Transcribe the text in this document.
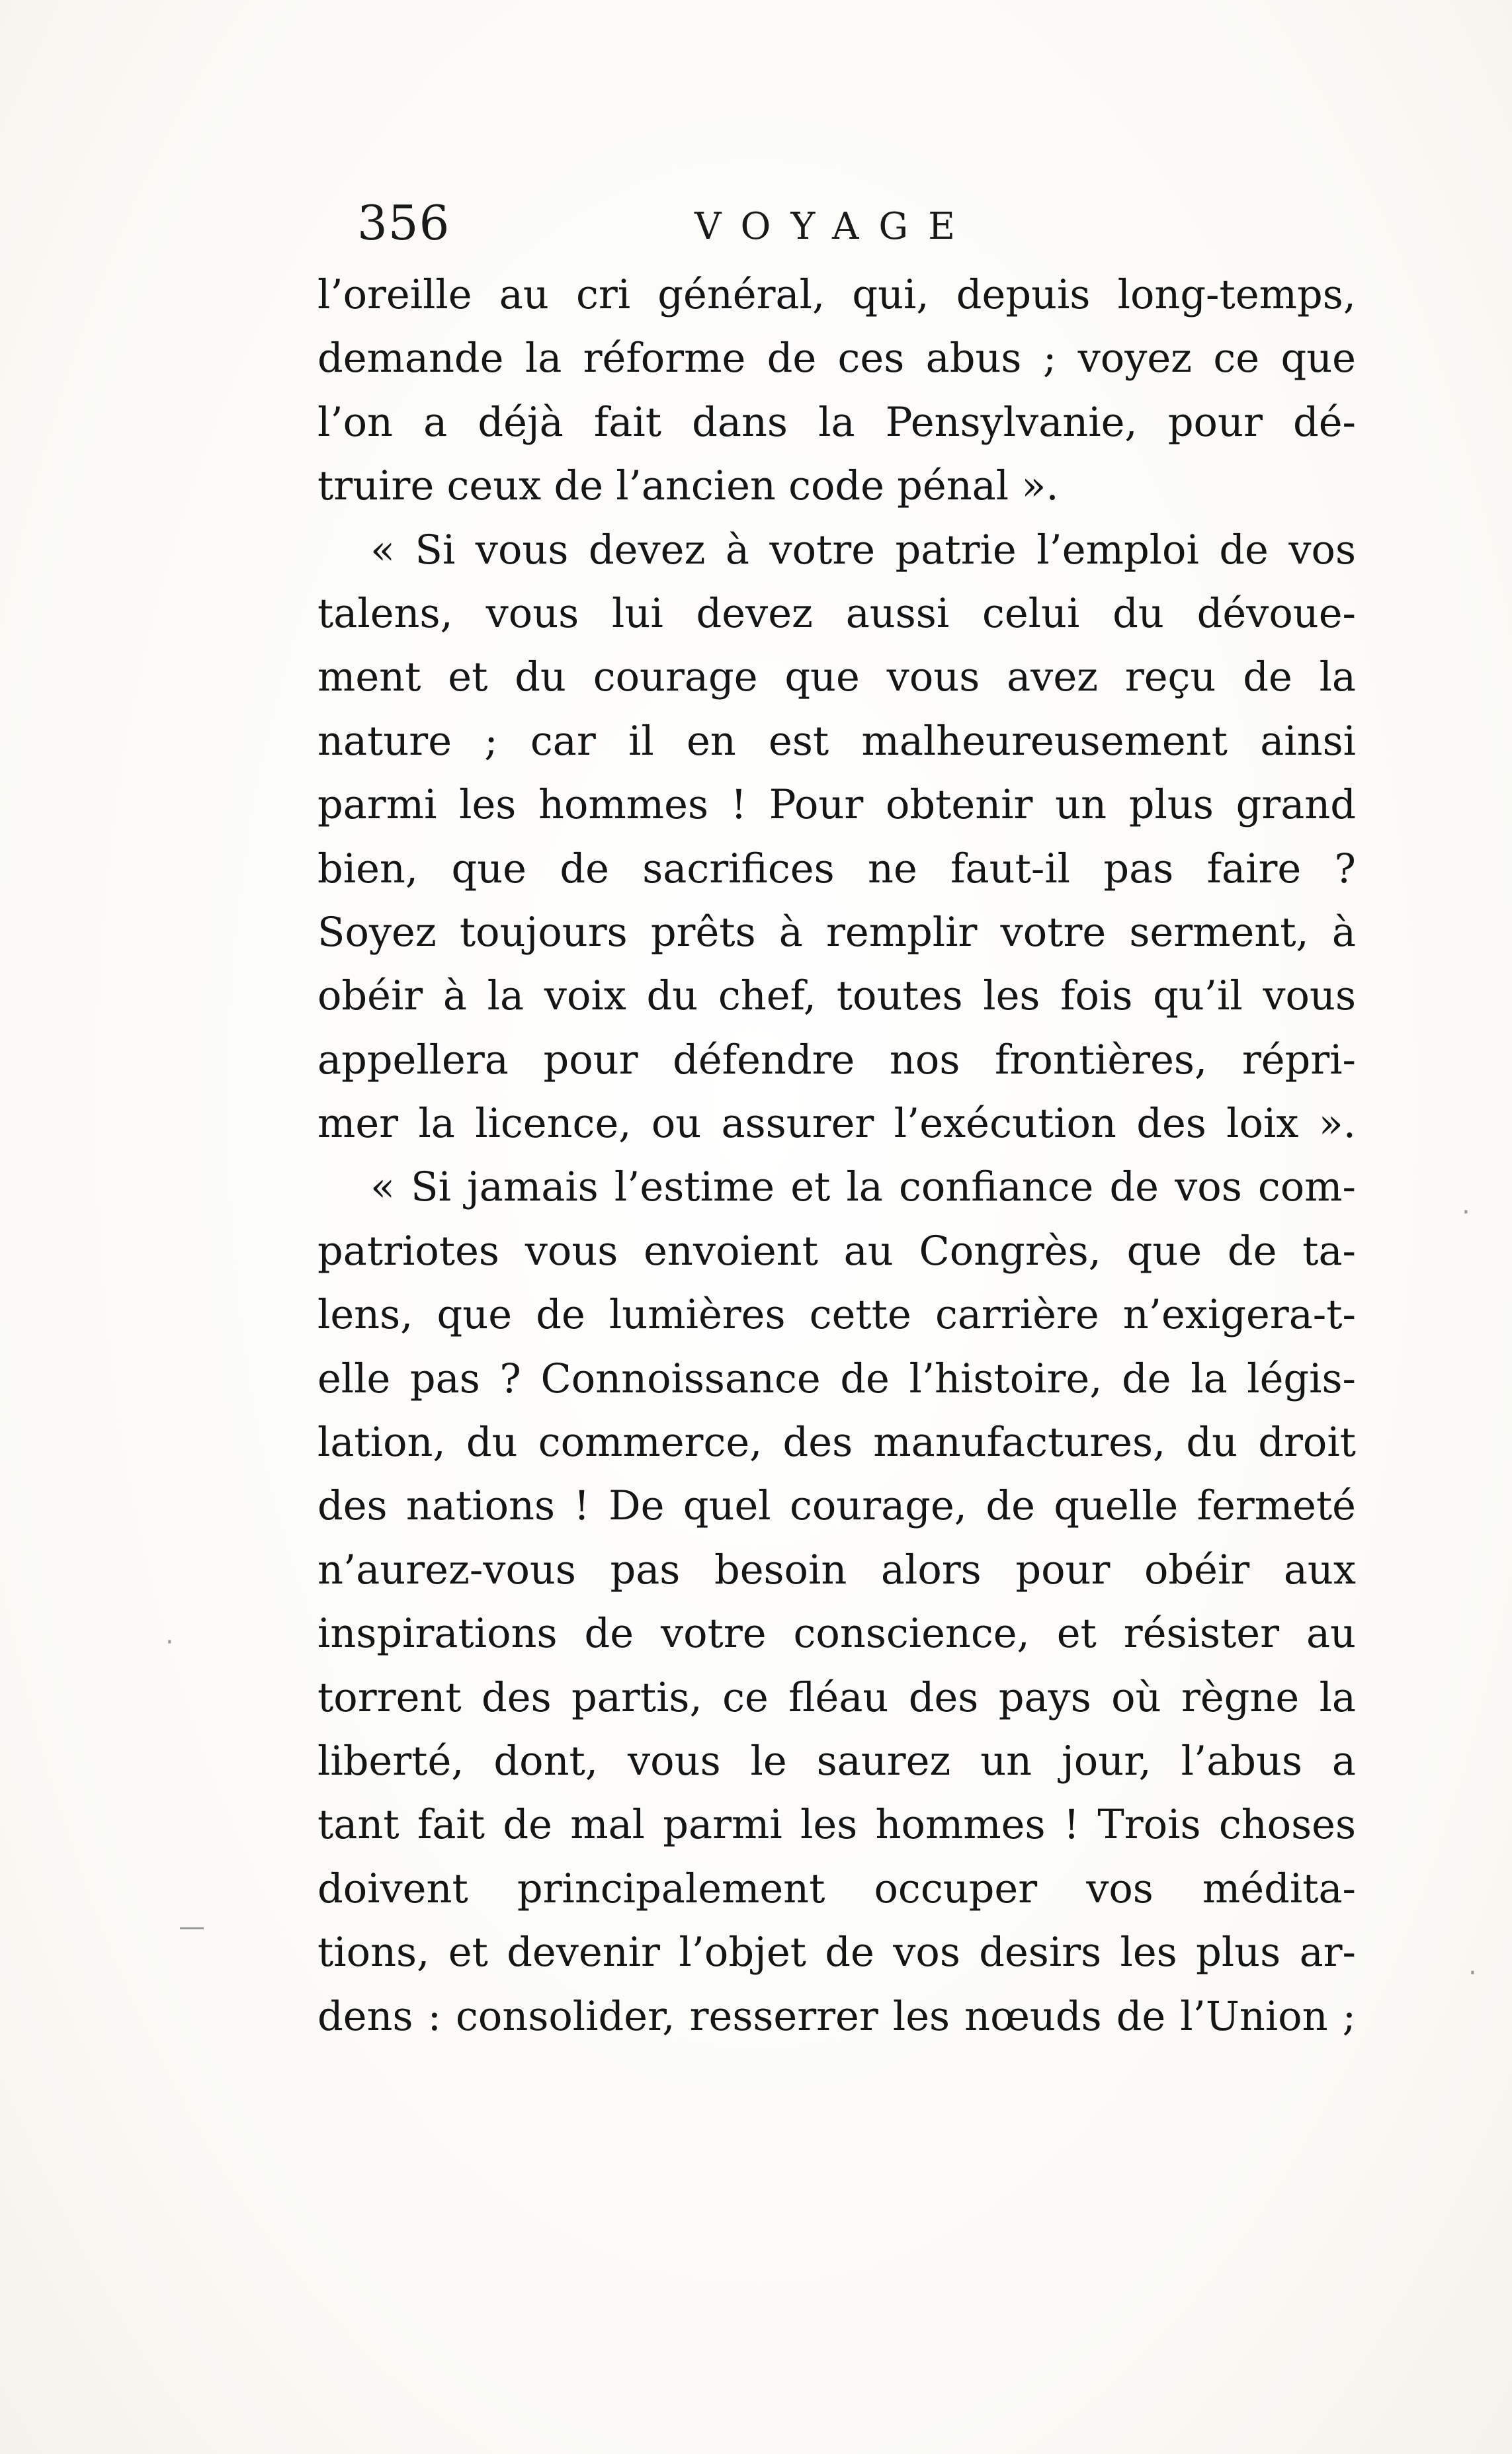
356	VOYAGE
l’oreille au cri général, qui, depuis long-temps,
demande la réforme de ces abus ; voyez ce que
l’on a déjà fait dans la Pensylvanie, pour dé-
truire ceux de l’ancien code pénal ».
« Si vous devez à votre patrie l’emploi de vos
talens, vous lui devez aussi celui du dévoue-
ment et du courage que vous avez reçu de la
nature ; car il en est malheureusement ainsi
parmi les hommes ! Pour obtenir un plus grand
bien, que de sacrifices ne faut-il pas faire ?
Soyez toujours prêts à remplir votre serment, à
obéir à la voix du chef, toutes les fois qu’il vous
appellera pour défendre nos frontières, répri-
mer la licence, ou assurer l’exécution des loix ».
« Si jamais l’estime et la confiance de vos com-
patriotes vous envoient au Congrès, que de ta-
lens, que de lumières cette carrière n’exigera-t-
elle pas ? Connoissance de l’histoire, de la légis-
lation, du commerce, des manufactures, du droit
des nations ! De quel courage, de quelle fermeté
n’aurez-vous pas besoin alors pour obéir aux
inspirations de votre conscience, et résister au
torrent des partis, ce fléau des pays où règne la
liberté, dont, vous le saurez un jour, l’abus a
tant fait de mal parmi les hommes ! Trois choses
doivent principalement occuper vos médita-
tions, et devenir l’objet de vos desirs les plus ar-
dens : consolider, resserrer les nœuds de l’Union ;
·
—
·
·
